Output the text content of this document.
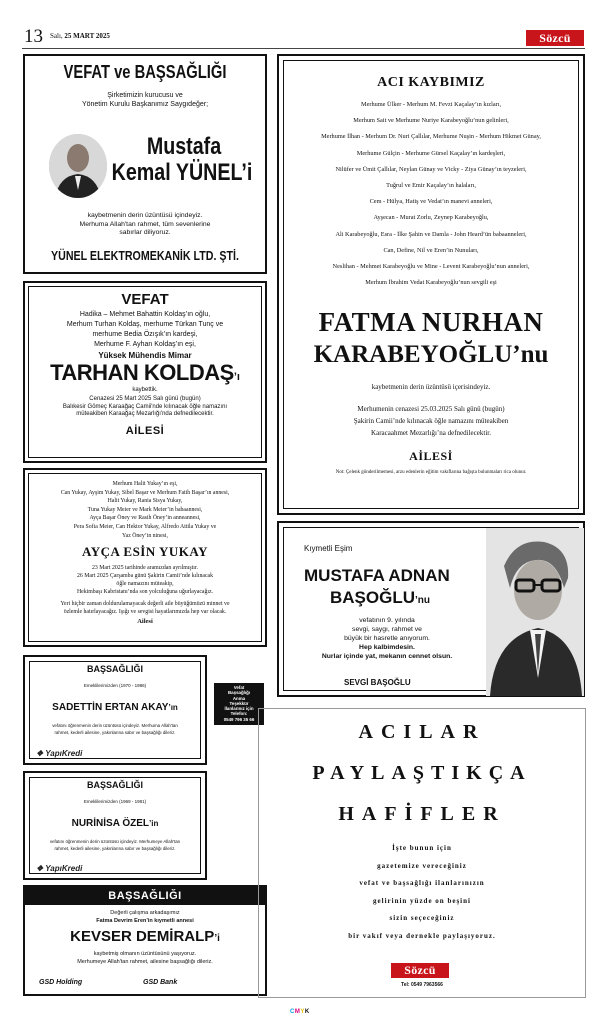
13 Salı, 25 MART 2025	Sözcü
VEFAT ve BAŞSAĞLIĞI
Şirketimizin kurucusu ve
Yönetim Kurulu Başkanımız Saygıdeğer;
Mustafa
Kemal YÜNEL’i
kaybetmenin derin üzüntüsü içindeyiz.
Merhuma Allah'tan rahmet, tüm sevenlerine
sabırlar diliyoruz.
YÜNEL ELEKTROMEKANİK LTD. ŞTİ.
VEFAT
Hadika – Mehmet Bahattin Koldaş’ın oğlu,
Merhum Turhan Koldaş, merhume Türkan Tunç ve
merhume Bedia Özışık’ın kardeşi,
Merhume F. Ayhan Koldaş’ın eşi,
Yüksek Mühendis Mimar
TARHAN KOLDAŞ’ı
kaybettik.
Cenazesi 25 Mart 2025 Salı günü (bugün)
Balıkesir Gömeç Karaağaç Camii'nde kılınacak öğle namazını
müteakiben Karaağaç Mezarlığı'nda defnedilecektir.
AİLESİ
Merhum Halit Yukay’ın eşi,
Can Yukay, Ayşim Yukay, Sibel Başar ve Merhum Fatih Başar’ın annesi,
Halit Yukay, Rania Sisya Yukay,
Tuna Yukay Meier ve Mark Meier’in babaannesi,
Ayça Başar Öney ve Rasih Öney’in anneannesi,
Pera Sofia Meier, Can Hektor Yukay, Alfredo Attila Yukay ve
Yaz Öney’in ninesi,
AYÇA ESİN YUKAY
23 Mart 2025 tarihinde aramızdan ayrılmıştır.
26 Mart 2025 Çarşamba günü Şakirin Camii’nde kılınacak
öğle namazını müteakip,
Hekimbaşı Kabristanı’nda son yolculuğuna uğurlayacağız.
Yeri hiçbir zaman doldurulamayacak değerli aile büyüğümüzü minnet ve
özlemle hatırlayacağız. Işığı ve sevgisi hayatlarımızda hep var olacak.
Ailesi
BAŞSAĞLIĞI
Emeklilerimizden (1970 - 1986)
SADETTİN ERTAN AKAY’ın
vefatını öğrenmenin derin üzüntüsü içindeyiz. Merhuma Allah'tan
rahmet, kederli ailesine, yakınlarına sabır ve başsağlığı dileriz.
❖ YapıKredi
Vefat
Başsağlığı
Anma
Teşekkür
İlanlarınız için
Telefon:
0549 796 35 66
BAŞSAĞLIĞI
Emeklilerimizden (1969 - 1981)
NURİNİSA ÖZEL’in
vefatını öğrenmenin derin üzüntüsü içindeyiz. Merhumeye Allah'tan
rahmet, kederli ailesine, yakınlarına sabır ve başsağlığı dileriz.
❖ YapıKredi
BAŞSAĞLIĞI
Değerli çalışma arkadaşımız
Fatma Devrim Eren’in kıymetli annesi
KEVSER DEMİRALP’i
kaybetmiş olmanın üzüntüsünü yaşıyoruz.
Merhumeye Allah'tan rahmet, ailesine başsağlığı dileriz.
GSD Holding	GSD Bank
ACI KAYBIMIZ
Merhume Ülker - Merhum M. Fevzi Kaçalay’ın kızları,
Merhum Sait ve Merhume Nuriye Karabeyoğlu’nun gelinleri,
Merhume İlhan - Merhum Dr. Nuri Çallılar, Merhume Nuşin - Merhum Hikmet Günay,
Merhume Gülçin - Merhume Gürsel Kaçalay’ın kardeşleri,
Nilüfer ve Ümit Çallılar, Neylan Günay ve Vicky - Ziya Günay’ın teyzeleri,
Tuğrul ve Emir Kaçalay’ın halaları,
Cem - Hülya, Hatiş ve Vedat’ın manevi anneleri,
Ayşecan - Murat Zorlu, Zeynep Karabeyoğlu,
Ali Karabeyoğlu, Esra - İlke Şahin ve Damla - John Heard’ün babaanneleri,
Can, Define, Nil ve Eren’in Nunuları,
Neslihan - Mehmet Karabeyoğlu ve Mine - Levent Karabeyoğlu’nun anneleri,
Merhum İbrahim Vedat Karabeyoğlu’nun sevgili eşi
FATMA NURHAN
KARABEYOĞLU’nu
kaybetmenin derin üzüntüsü içerisindeyiz.
Merhumenin cenazesi 25.03.2025 Salı günü (bugün)
Şakirin Camii’nde kılınacak öğle namazını müteakiben
Karacaahmet Mezarlığı’na defnedilecektir.
AİLESİ
Not: Çelenk gönderilmemesi, arzu edenlerin eğitim vakıflarına bağışta bulunmaları rica olunur.
Kıymetli Eşim
MUSTAFA ADNAN
BAŞOĞLU’nu
vefatının 9. yılında
sevgi, saygı, rahmet ve
büyük bir hasretle anıyorum.
Hep kalbimdesin.
Nurlar içinde yat, mekanın cennet olsun.
SEVGİ BAŞOĞLU
ACILAR
PAYLAŞTIKÇA
HAFİFLER
İşte bunun için
gazetemize vereceğiniz
vefat ve başsağlığı ilanlarınızın
gelirinin yüzde on beşini
sizin seçeceğiniz
bir vakıf veya dernekle paylaşıyoruz.
Sözcü
Tel: 0549 7963566
CMYK
